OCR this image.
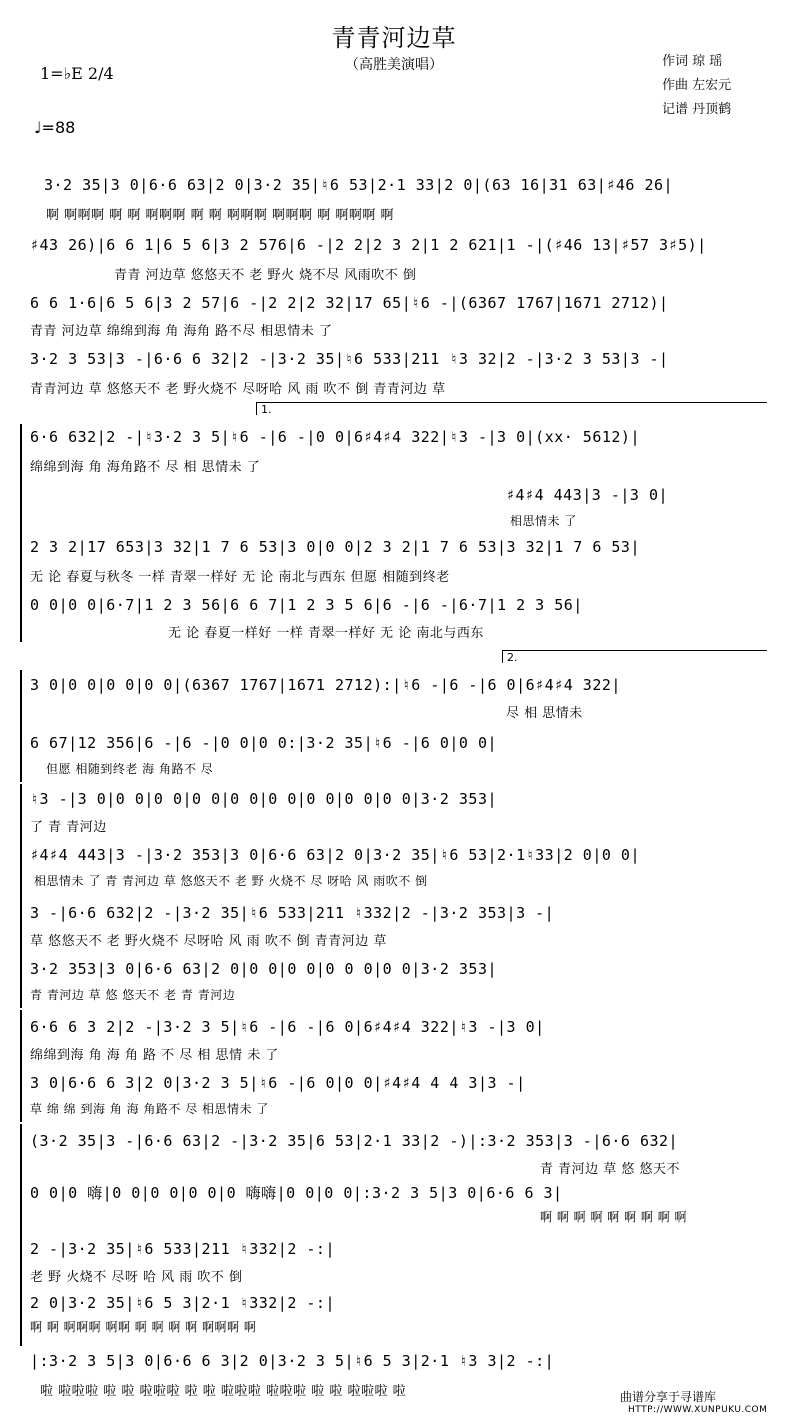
青青河边草
（高胜美演唱）
1=♭E 2/4
♩=88
作词 琼 瑶
作曲 左宏元
记谱 丹顶鹤
3·2 35|3 0|6·6 63|2 0|3·2 35|♮6 53|2·1 33|2 0|(63 16|31 63|♯46 26|
啊 啊啊啊 啊 啊 啊啊啊 啊 啊 啊啊啊 啊啊啊 啊 啊啊啊 啊
♯43 26)|6 6 1|6 5 6|3 2 576|6 -|2 2|2 3 2|1 2 621|1 -|(♯46 13|♯57 3♯5)|
青青 河边草 悠悠天不 老 野火 烧不尽 风雨吹不 倒
6 6 1·6|6 5 6|3 2 57|6 -|2 2|2 32|17 65|♮6 -|(6367 1767|1671 2712)|
青青 河边草 绵绵到海 角 海角 路不尽 相思情未 了
3·2 3 53|3 -|6·6 6 32|2 -|3·2 35|♮6 533|211 ♮3 32|2 -|3·2 3 53|3 -|
青青河边 草 悠悠天不 老 野火烧不 尽呀哈 风 雨 吹不 倒 青青河边 草
1.
6·6 632|2 -|♮3·2 3 5|♮6 -|6 -|0 0|6♯4♯4 322|♮3 -|3 0|(xx· 5612)|
绵绵到海 角 海角路不 尽 相 思情未 了
♯4♯4 443|3 -|3 0|
相思情未 了
2 3 2|17 653|3 32|1 7 6 53|3 0|0 0|2 3 2|1 7 6 53|3 32|1 7 6 53|
无 论 春夏与秋冬 一样 青翠一样好 无 论 南北与西东 但愿 相随到终老
0 0|0 0|6·7|1 2 3 56|6 6 7|1 2 3 5 6|6 -|6 -|6·7|1 2 3 56|
无 论 春夏一样好 一样 青翠一样好 无 论 南北与西东
2.
3 0|0 0|0 0|0 0|(6367 1767|1671 2712):|♮6 -|6 -|6 0|6♯4♯4 322|
尽 相 思情未
6 67|12 356|6 -|6 -|0 0|0 0:|3·2 35|♮6 -|6 0|0 0|
但愿 相随到终老 海 角路不 尽
♮3 -|3 0|0 0|0 0|0 0|0 0|0 0|0 0|0 0|0 0|3·2 353|
了 青 青河边
♯4♯4 443|3 -|3·2 353|3 0|6·6 63|2 0|3·2 35|♮6 53|2·1♮33|2 0|0 0|
相思情未 了 青 青河边 草 悠悠天不 老 野 火烧不 尽 呀哈 风 雨吹不 倒
3 -|6·6 632|2 -|3·2 35|♮6 533|211 ♮332|2 -|3·2 353|3 -|
草 悠悠天不 老 野火烧不 尽呀哈 风 雨 吹不 倒 青青河边 草
3·2 353|3 0|6·6 63|2 0|0 0|0 0|0 0 0|0 0|3·2 353|
青 青河边 草 悠 悠天不 老 青 青河边
6·6 6 3 2|2 -|3·2 3 5|♮6 -|6 -|6 0|6♯4♯4 322|♮3 -|3 0|
绵绵到海 角 海 角 路 不 尽 相 思情 未 了
3 0|6·6 6 3|2 0|3·2 3 5|♮6 -|6 0|0 0|♯4♯4 4 4 3|3 -|
草 绵 绵 到海 角 海 角路不 尽 相思情未 了
(3·2 35|3 -|6·6 63|2 -|3·2 35|6 53|2·1 33|2 -)|:3·2 353|3 -|6·6 632|
青 青河边 草 悠 悠天不
0 0|0 嗨|0 0|0 0|0 0|0 嗨嗨|0 0|0 0|:3·2 3 5|3 0|6·6 6 3|
啊 啊 啊 啊 啊 啊 啊 啊 啊
2 -|3·2 35|♮6 533|211 ♮332|2 -:|
老 野 火烧不 尽呀 哈 风 雨 吹不 倒
2 0|3·2 35|♮6 5 3|2·1 ♮332|2 -:|
啊 啊 啊啊啊 啊啊 啊 啊 啊 啊 啊啊啊 啊
|:3·2 3 5|3 0|6·6 6 3|2 0|3·2 3 5|♮6 5 3|2·1 ♮3 3|2 -:|
啦 啦啦啦 啦 啦 啦啦啦 啦 啦 啦啦啦 啦啦啦 啦 啦 啦啦啦 啦	曲谱分享于寻谱库
HTTP://WWW.XUNPUKU.COM
